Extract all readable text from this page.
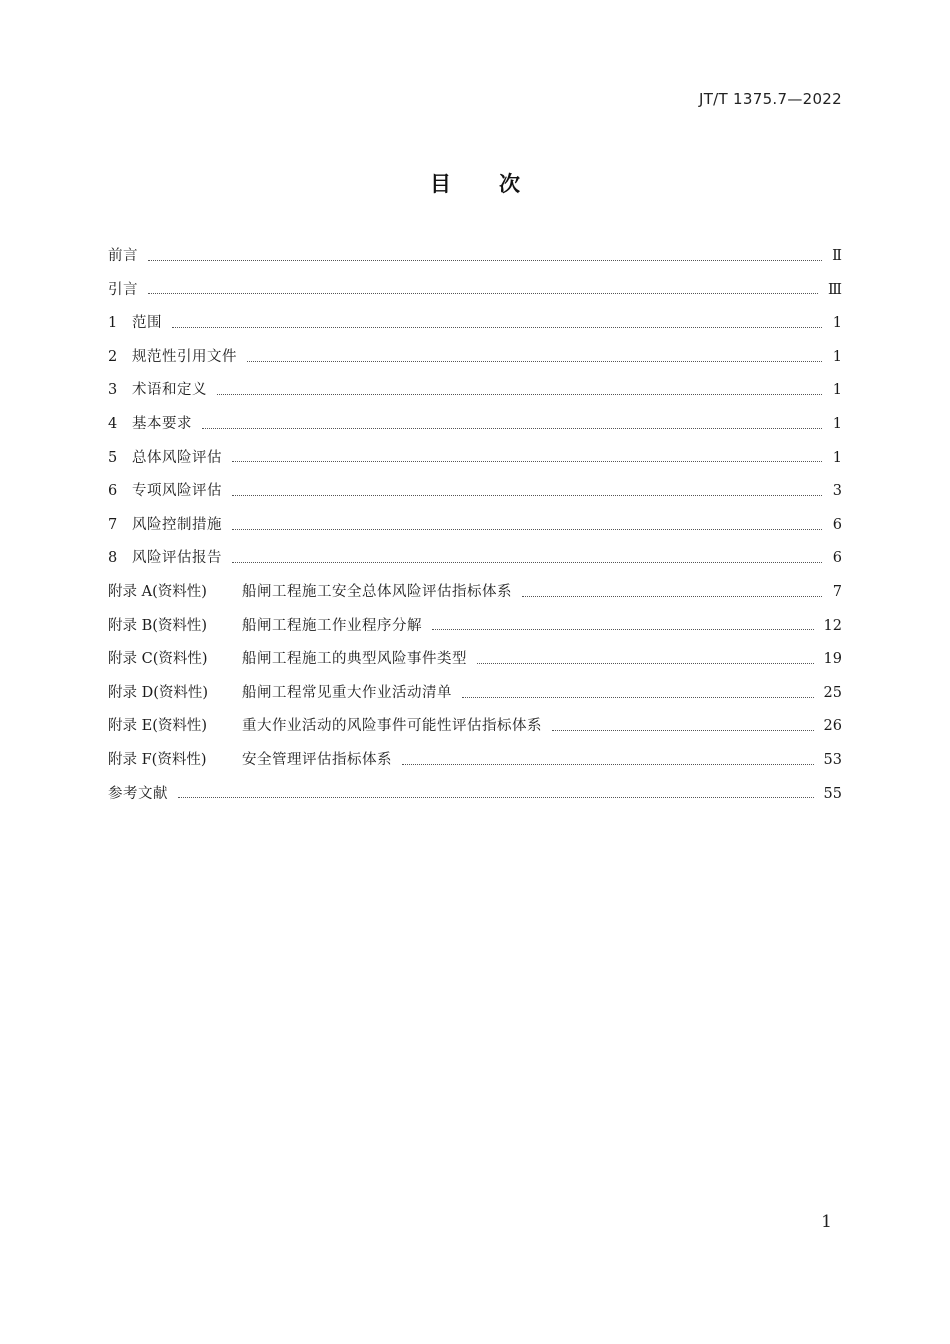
JT/T 1375.7—2022
目次
前言	Ⅱ
引言	Ⅲ
1	范围	1
2	规范性引用文件	1
3	术语和定义	1
4	基本要求	1
5	总体风险评估	1
6	专项风险评估	3
7	风险控制措施	6
8	风险评估报告	6
附录 A(资料性)	船闸工程施工安全总体风险评估指标体系	7
附录 B(资料性)	船闸工程施工作业程序分解	12
附录 C(资料性)	船闸工程施工的典型风险事件类型	19
附录 D(资料性)	船闸工程常见重大作业活动清单	25
附录 E(资料性)	重大作业活动的风险事件可能性评估指标体系	26
附录 F(资料性)	安全管理评估指标体系	53
参考文献	55
1
